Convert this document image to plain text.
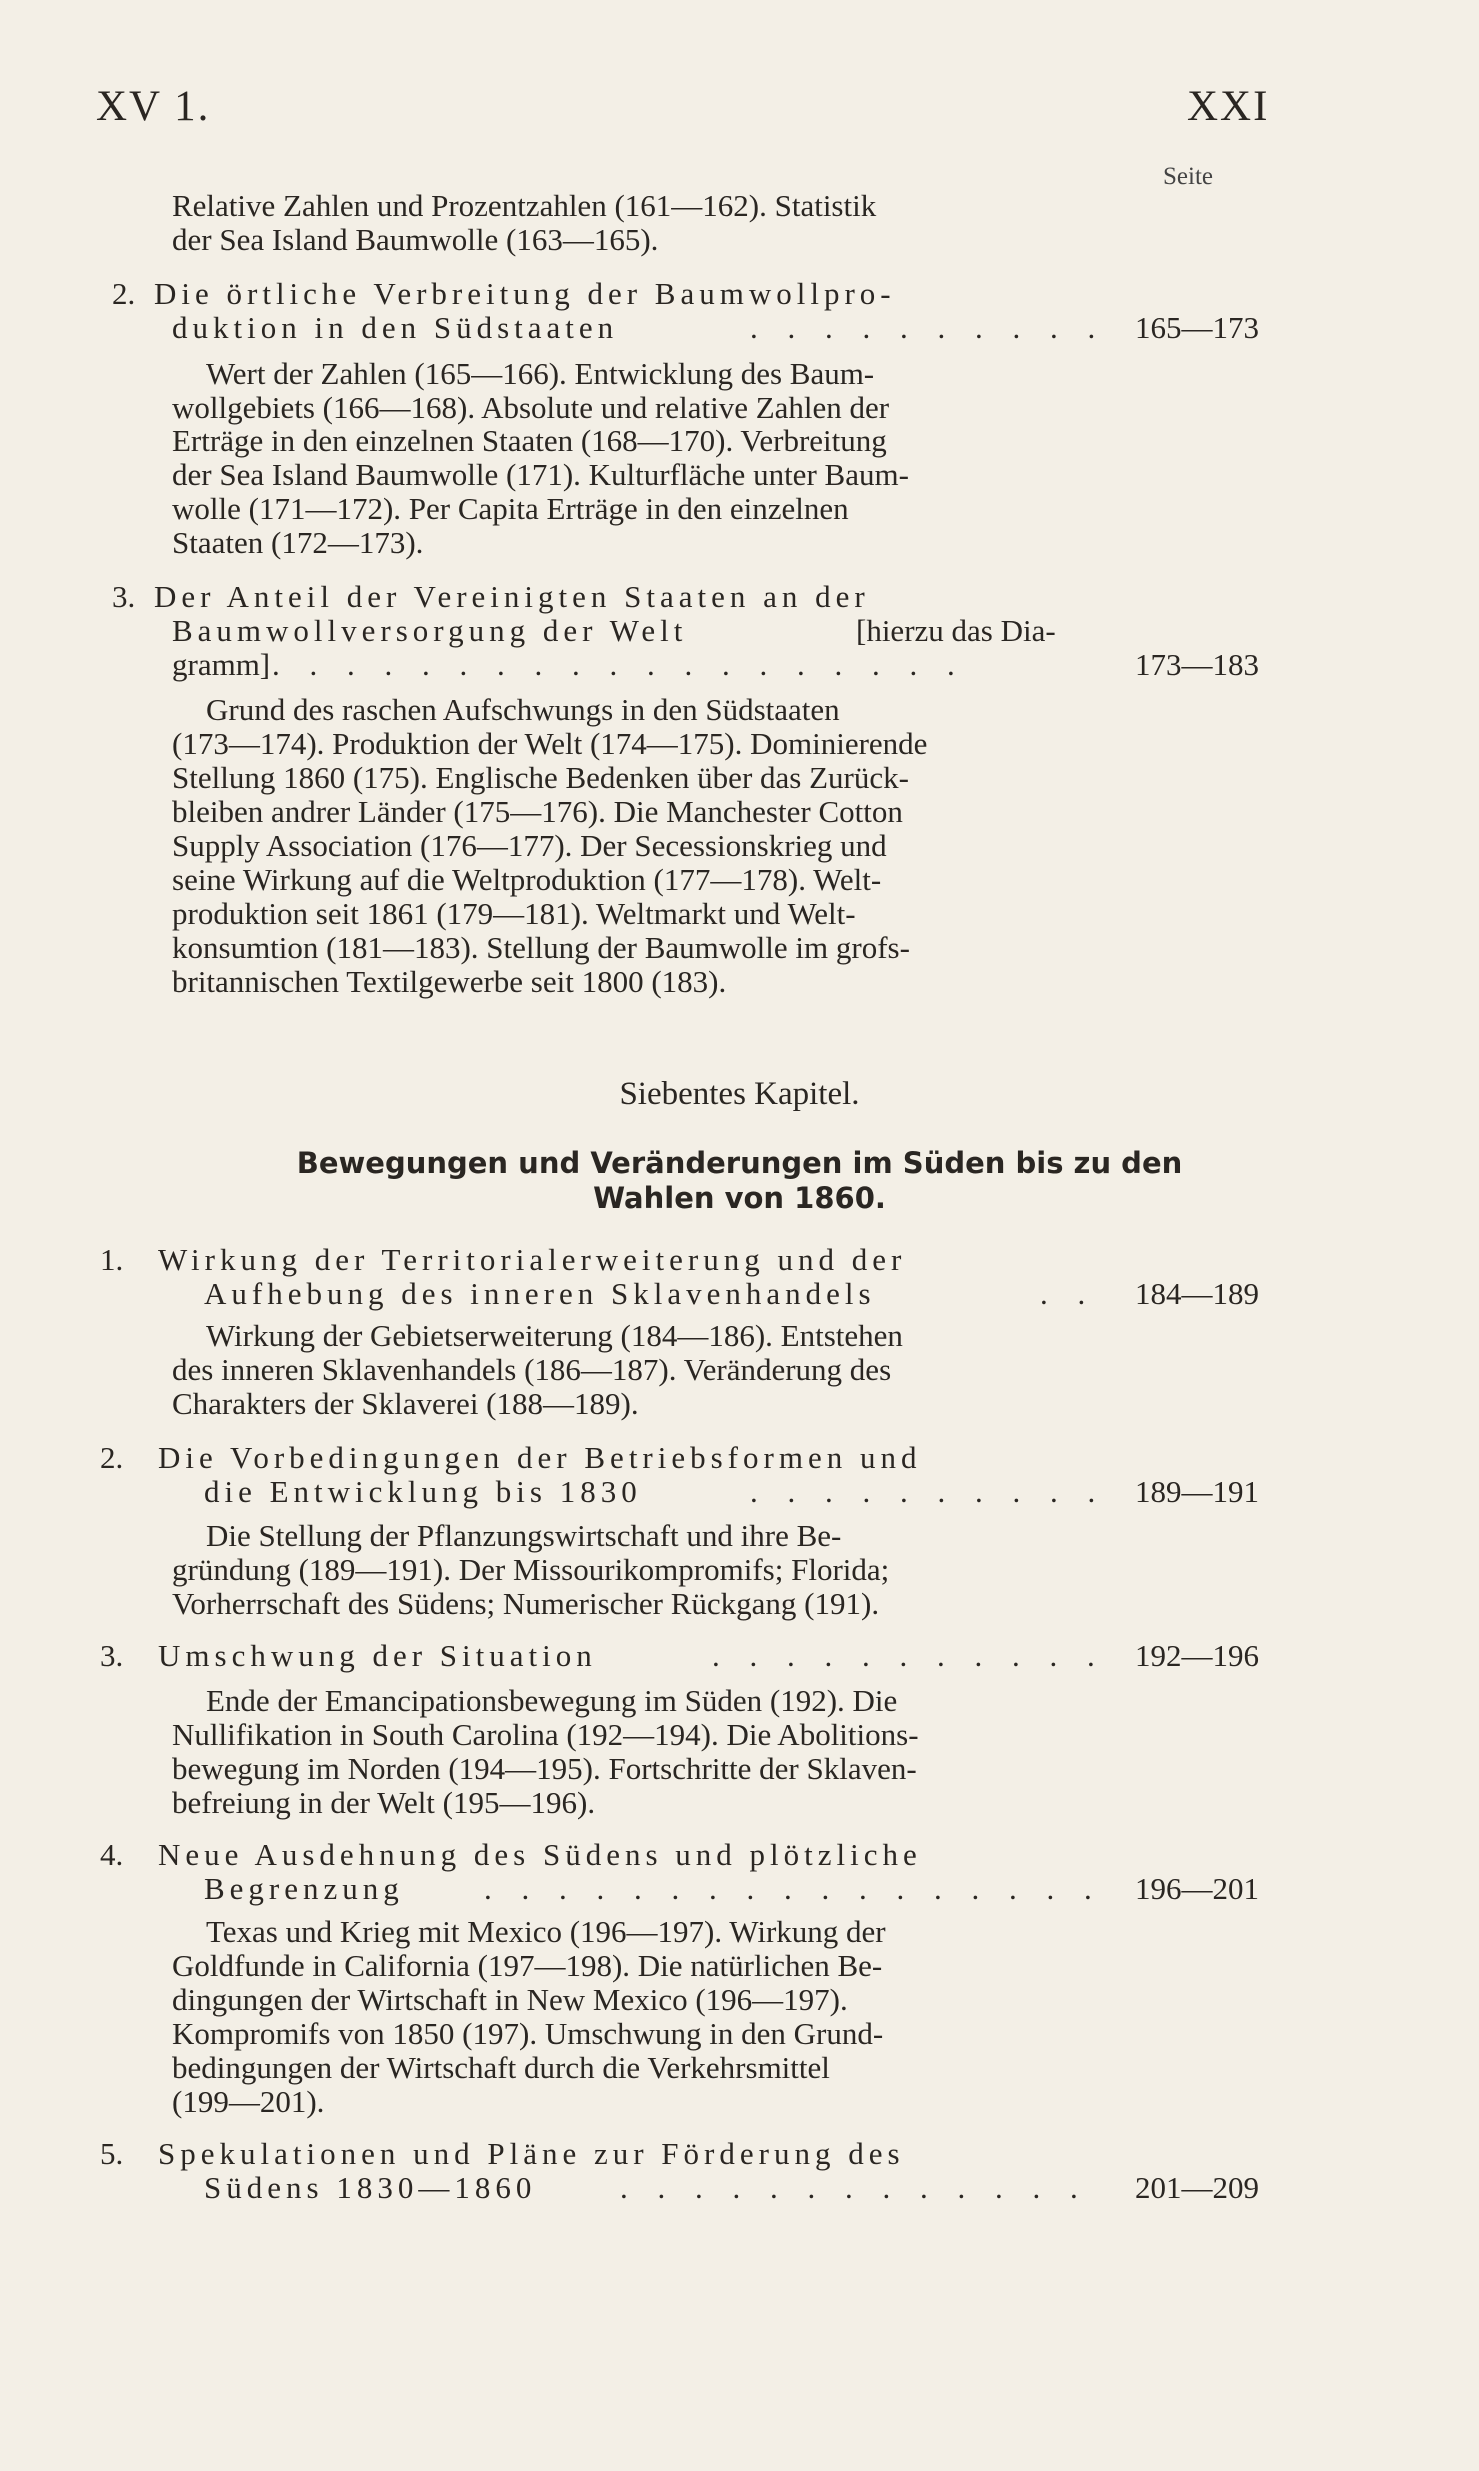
XV 1.	XXI
Seite
Relative Zahlen und Prozentzahlen (161—162). Statistik
der Sea Island Baumwolle (163—165).
2. Die örtliche Verbreitung der Baumwollpro-
duktion in den Südstaaten	. . . . . . . . . . 165—173
Wert der Zahlen (165—166). Entwicklung des Baum-
wollgebiets (166—168). Absolute und relative Zahlen der
Erträge in den einzelnen Staaten (168—170). Verbreitung
der Sea Island Baumwolle (171). Kulturfläche unter Baum-
wolle (171—172). Per Capita Erträge in den einzelnen
Staaten (172—173).
3. Der Anteil der Vereinigten Staaten an der
Baumwollversorgung der Welt	[hierzu das Dia-
gramm] . . . . . . . . . . . . . . . . . . .	173—183
Grund des raschen Aufschwungs in den Südstaaten
(173—174). Produktion der Welt (174—175). Dominierende
Stellung 1860 (175). Englische Bedenken über das Zurück-
bleiben andrer Länder (175—176). Die Manchester Cotton
Supply Association (176—177). Der Secessionskrieg und
seine Wirkung auf die Weltproduktion (177—178). Welt-
produktion seit 1861 (179—181). Weltmarkt und Welt-
konsumtion (181—183). Stellung der Baumwolle im grofs-
britannischen Textilgewerbe seit 1800 (183).
Siebentes Kapitel.
Bewegungen und Veränderungen im Süden bis zu den
Wahlen von 1860.
1. Wirkung der Territorialerweiterung und der
Aufhebung des inneren Sklavenhandels	. . 184—189
Wirkung der Gebietserweiterung (184—186). Entstehen
des inneren Sklavenhandels (186—187). Veränderung des
Charakters der Sklaverei (188—189).
2. Die Vorbedingungen der Betriebsformen und
die Entwicklung bis 1830	. . . . . . . . . . 189—191
Die Stellung der Pflanzungswirtschaft und ihre Be-
gründung (189—191). Der Missourikompromifs; Florida;
Vorherrschaft des Südens; Numerischer Rückgang (191).
3. Umschwung der Situation	. . . . . . . . . . . 192—196
Ende der Emancipationsbewegung im Süden (192). Die
Nullifikation in South Carolina (192—194). Die Abolitions-
bewegung im Norden (194—195). Fortschritte der Sklaven-
befreiung in der Welt (195—196).
4. Neue Ausdehnung des Südens und plötzliche
Begrenzung	. . . . . . . . . . . . . . . . . 196—201
Texas und Krieg mit Mexico (196—197). Wirkung der
Goldfunde in California (197—198). Die natürlichen Be-
dingungen der Wirtschaft in New Mexico (196—197).
Kompromifs von 1850 (197). Umschwung in den Grund-
bedingungen der Wirtschaft durch die Verkehrsmittel
(199—201).
5. Spekulationen und Pläne zur Förderung des
Südens 1830—1860	. . . . . . . . . . . . . 201—209
